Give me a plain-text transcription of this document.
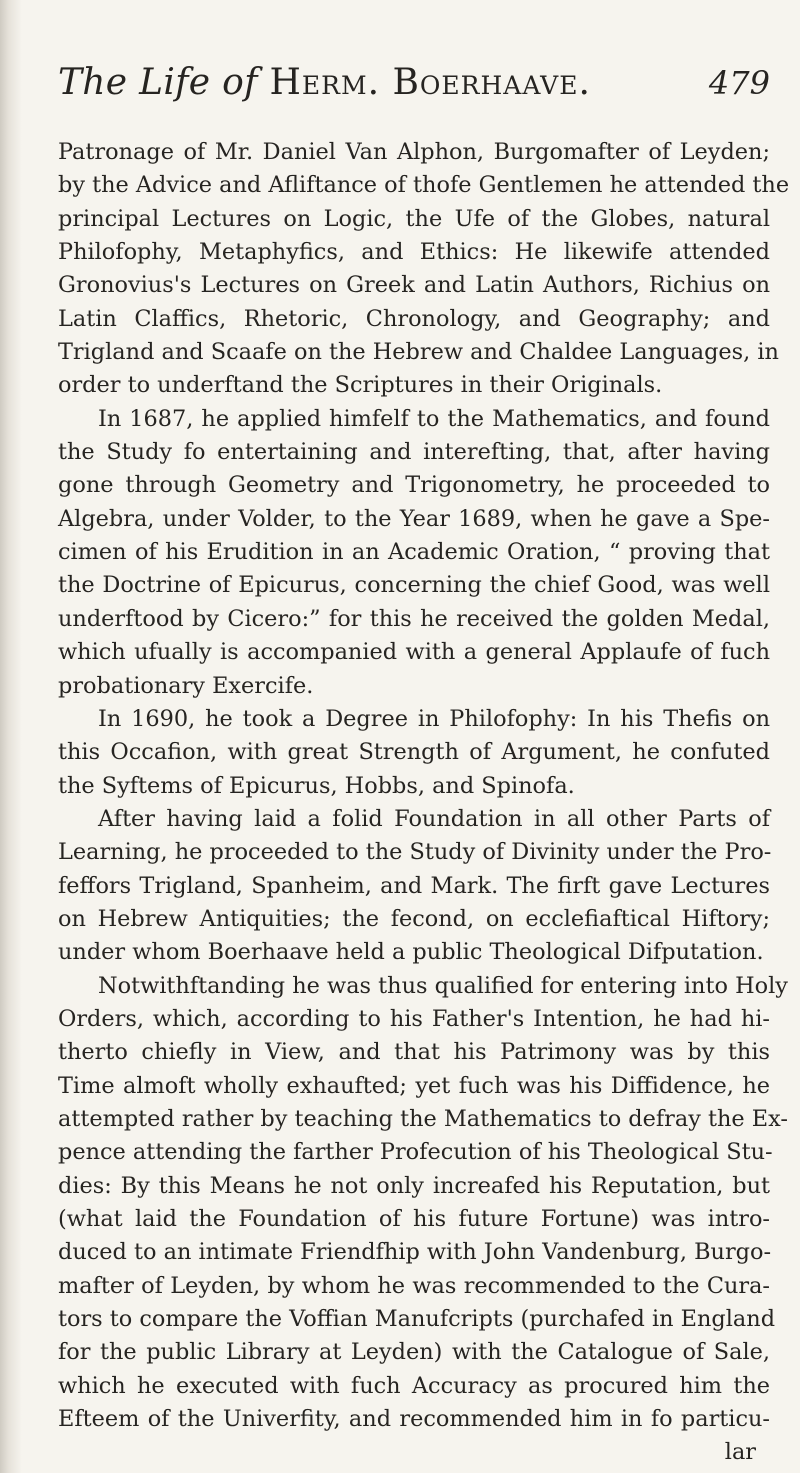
The Life of Herm. Boerhaave.	479
Patronage of Mr. Daniel Van Alphon, Burgomafter of Leyden;
by the Advice and Afliftance of thofe Gentlemen he attended the
principal Lectures on Logic, the Ufe of the Globes, natural
Philofophy, Metaphyfics, and Ethics: He likewife attended
Gronovius's Lectures on Greek and Latin Authors, Richius on
Latin Claffics, Rhetoric, Chronology, and Geography; and
Trigland and Scaafe on the Hebrew and Chaldee Languages, in
order to underftand the Scriptures in their Originals.
In 1687, he applied himfelf to the Mathematics, and found
the Study fo entertaining and interefting, that, after having
gone through Geometry and Trigonometry, he proceeded to
Algebra, under Volder, to the Year 1689, when he gave a Spe-
cimen of his Erudition in an Academic Oration, “ proving that
the Doctrine of Epicurus, concerning the chief Good, was well
underftood by Cicero:” for this he received the golden Medal,
which ufually is accompanied with a general Applaufe of fuch
probationary Exercife.
In 1690, he took a Degree in Philofophy: In his Thefis on
this Occafion, with great Strength of Argument, he confuted
the Syftems of Epicurus, Hobbs, and Spinofa.
After having laid a folid Foundation in all other Parts of
Learning, he proceeded to the Study of Divinity under the Pro-
feffors Trigland, Spanheim, and Mark. The firft gave Lectures
on Hebrew Antiquities; the fecond, on ecclefiaftical Hiftory;
under whom Boerhaave held a public Theological Difputation.
Notwithftanding he was thus qualified for entering into Holy
Orders, which, according to his Father's Intention, he had hi-
therto chiefly in View, and that his Patrimony was by this
Time almoft wholly exhaufted; yet fuch was his Diffidence, he
attempted rather by teaching the Mathematics to defray the Ex-
pence attending the farther Profecution of his Theological Stu-
dies: By this Means he not only increafed his Reputation, but
(what laid the Foundation of his future Fortune) was intro-
duced to an intimate Friendfhip with John Vandenburg, Burgo-
mafter of Leyden, by whom he was recommended to the Cura-
tors to compare the Voffian Manufcripts (purchafed in England
for the public Library at Leyden) with the Catalogue of Sale,
which he executed with fuch Accuracy as procured him the
Efteem of the Univerfity, and recommended him in fo particu-
lar
